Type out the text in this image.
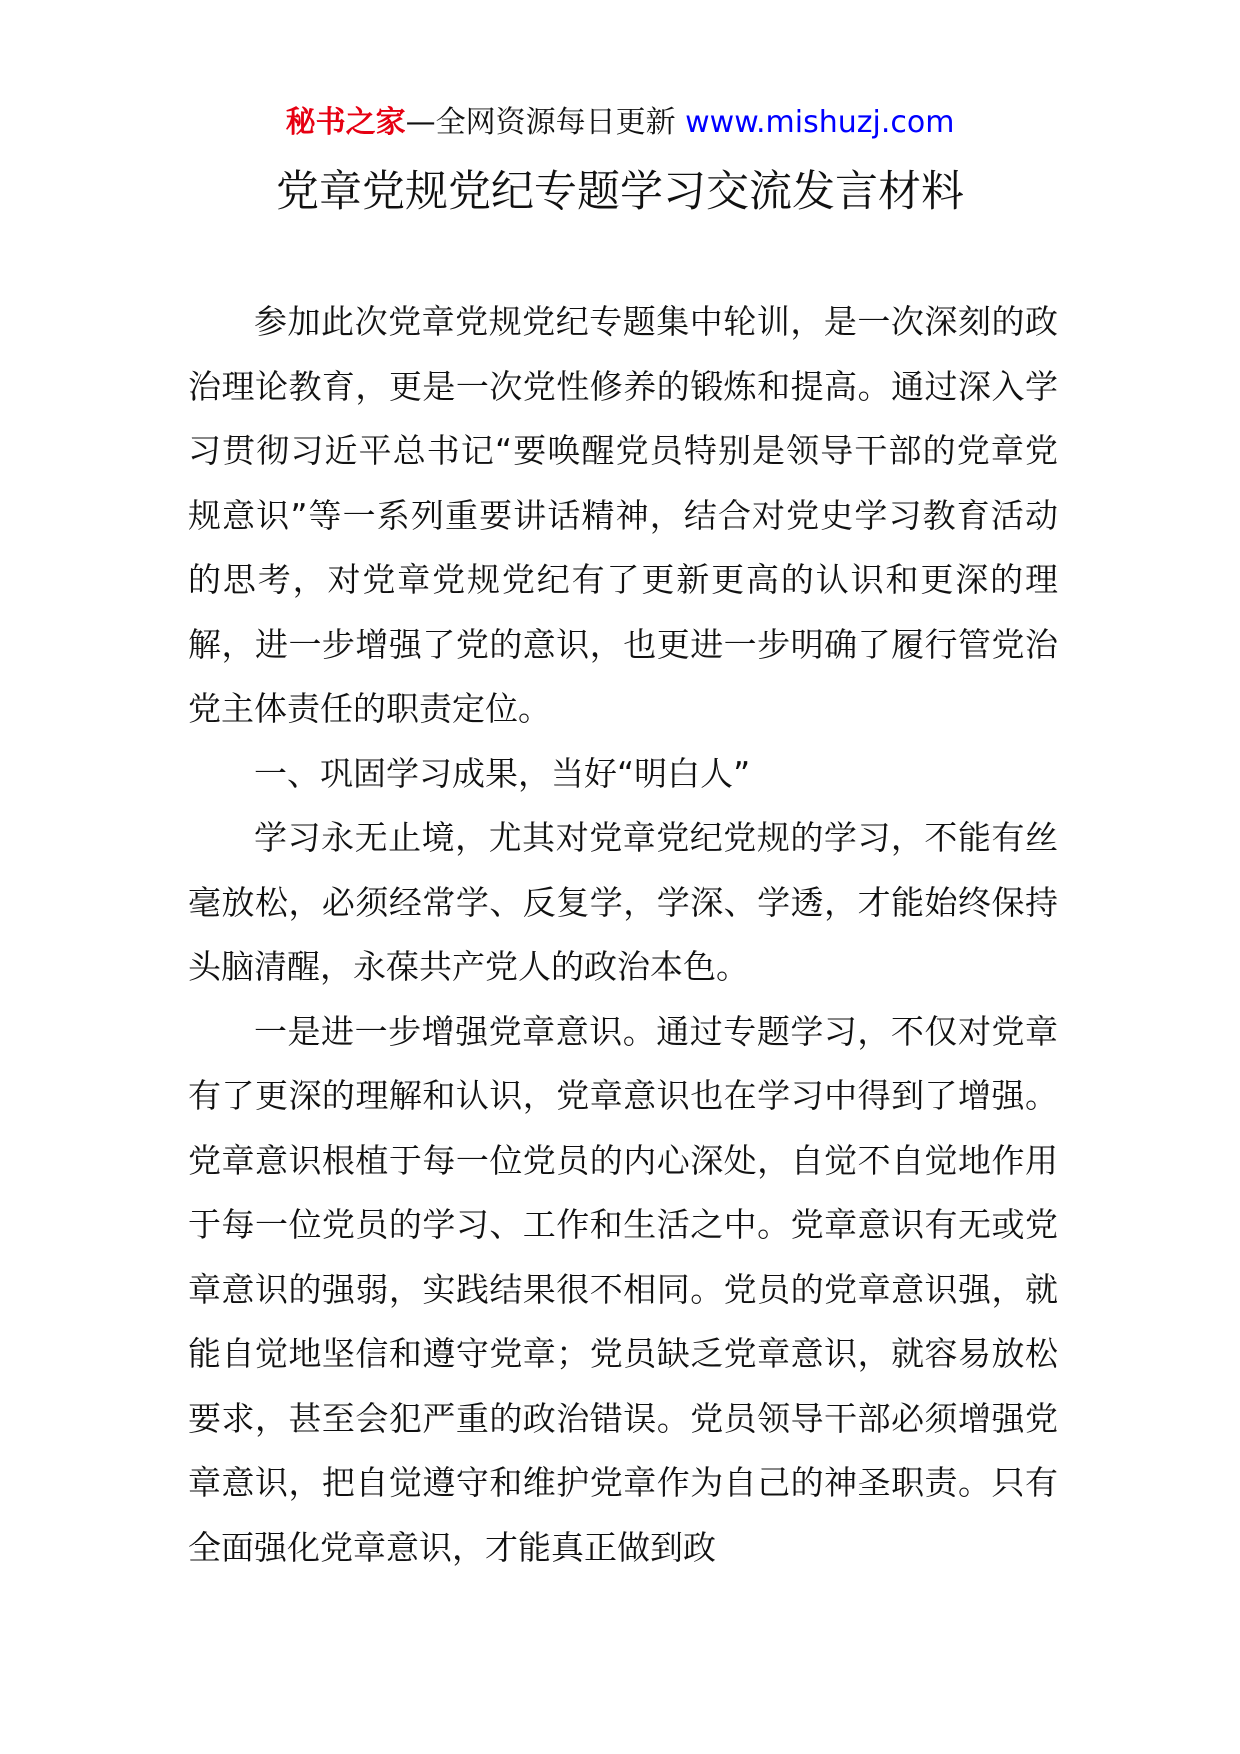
秘书之家—全网资源每日更新 www.mishuzj.com
党章党规党纪专题学习交流发言材料

参加此次党章党规党纪专题集中轮训，是一次深刻的政治理论教育，更是一次党性修养的锻炼和提高。通过深入学习贯彻习近平总书记“要唤醒党员特别是领导干部的党章党规意识”等一系列重要讲话精神，结合对党史学习教育活动的思考，对党章党规党纪有了更新更高的认识和更深的理解，进一步增强了党的意识，也更进一步明确了履行管党治党主体责任的职责定位。

一、巩固学习成果，当好“明白人”

学习永无止境，尤其对党章党纪党规的学习，不能有丝毫放松，必须经常学、反复学，学深、学透，才能始终保持头脑清醒，永葆共产党人的政治本色。

一是进一步增强党章意识。通过专题学习，不仅对党章有了更深的理解和认识，党章意识也在学习中得到了增强。党章意识根植于每一位党员的内心深处，自觉不自觉地作用于每一位党员的学习、工作和生活之中。党章意识有无或党章意识的强弱，实践结果很不相同。党员的党章意识强，就能自觉地坚信和遵守党章；党员缺乏党章意识，就容易放松要求，甚至会犯严重的政治错误。党员领导干部必须增强党章意识，把自觉遵守和维护党章作为自己的神圣职责。只有全面强化党章意识，才能真正做到政
